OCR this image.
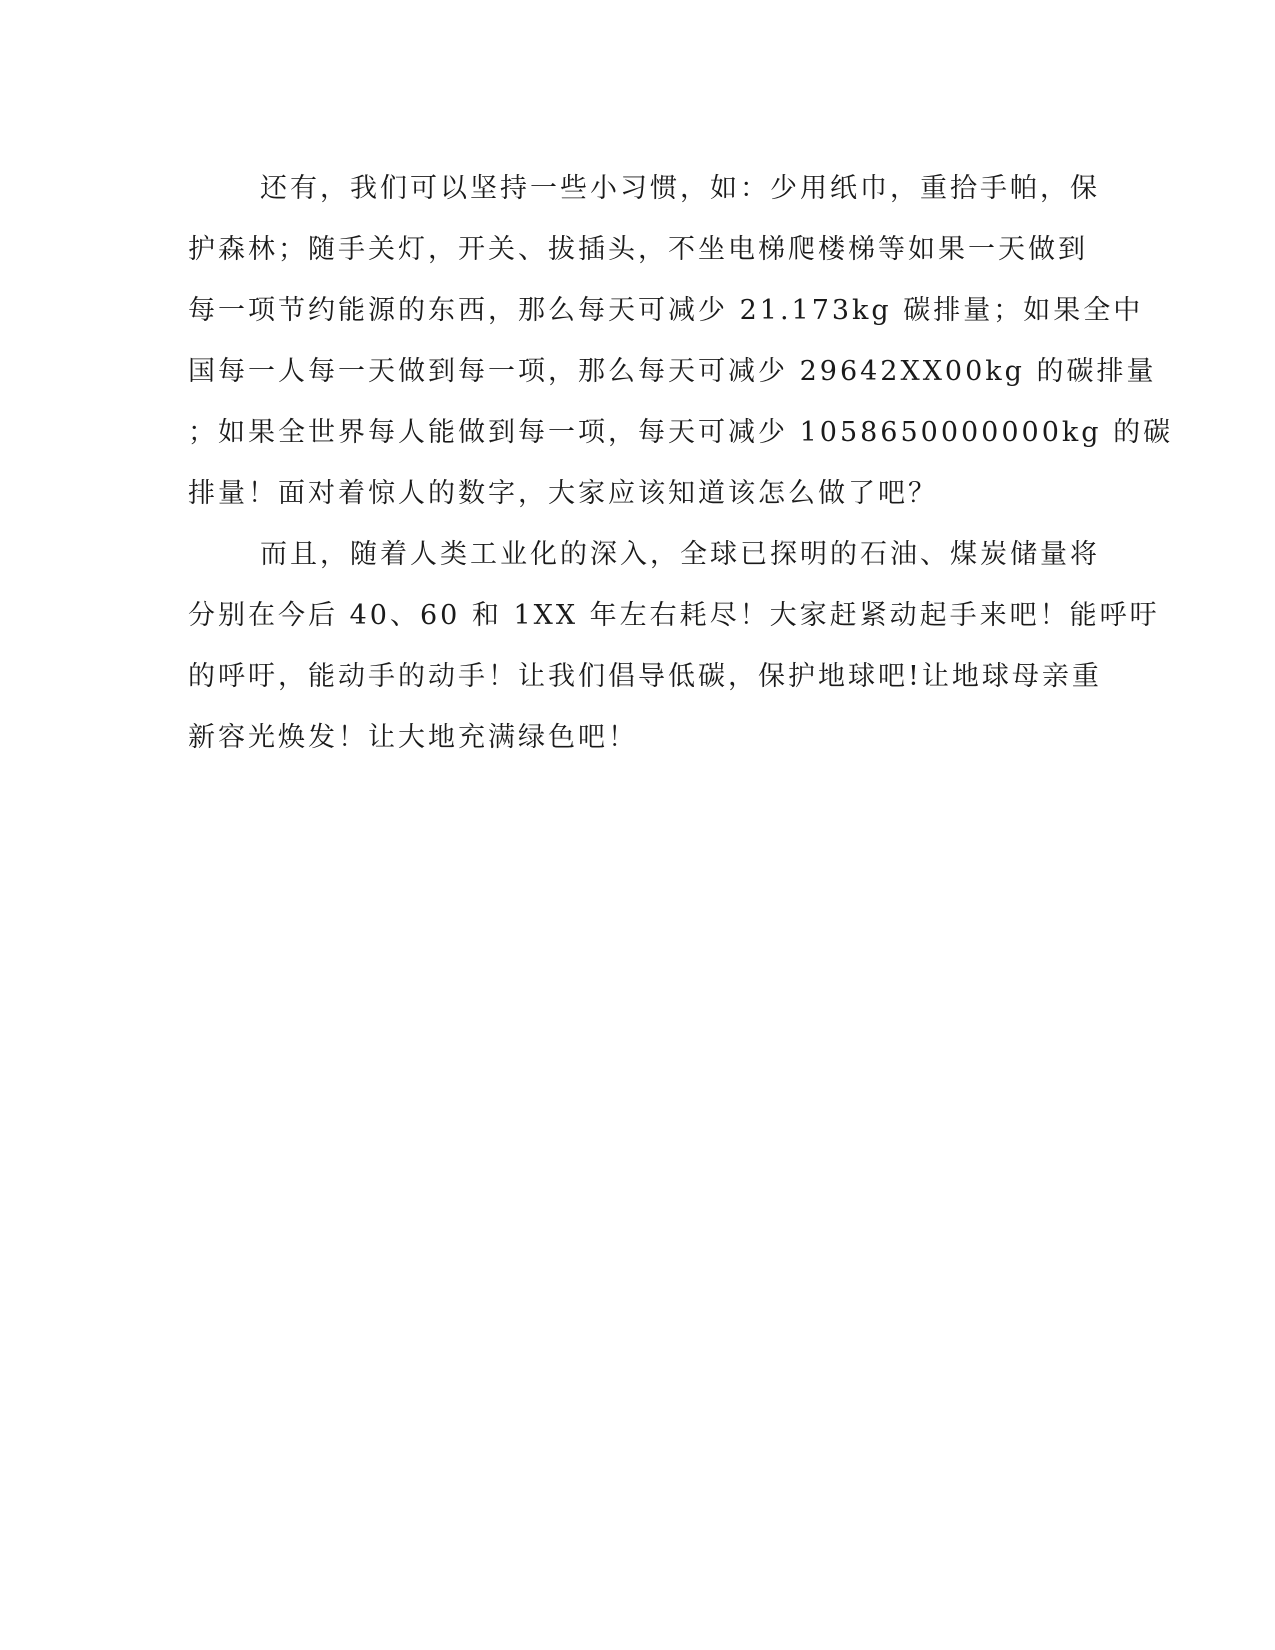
还有，我们可以坚持一些小习惯，如：少用纸巾，重拾手帕，保
护森林；随手关灯，开关、拔插头，不坐电梯爬楼梯等如果一天做到
每一项节约能源的东西，那么每天可减少 21.173kg 碳排量；如果全中
国每一人每一天做到每一项，那么每天可减少 29642XX00kg 的碳排量
；如果全世界每人能做到每一项，每天可减少 1058650000000kg 的碳
排量！面对着惊人的数字，大家应该知道该怎么做了吧？
而且，随着人类工业化的深入，全球已探明的石油、煤炭储量将
分别在今后 40、60 和 1XX 年左右耗尽！大家赶紧动起手来吧！能呼吁
的呼吁，能动手的动手！让我们倡导低碳，保护地球吧!让地球母亲重
新容光焕发！让大地充满绿色吧！
